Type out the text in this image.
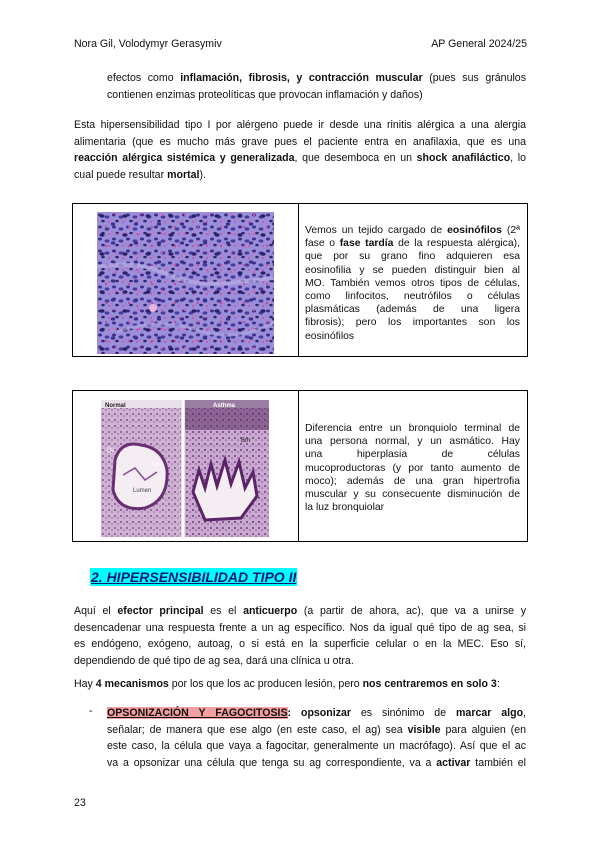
Nora Gil, Volodymyr Gerasymiv	AP General 2024/25
efectos como inflamación, fibrosis, y contracción muscular (pues sus gránulos
contienen enzimas proteolíticas que provocan inflamación y daños)
Esta hipersensibilidad tipo I por alérgeno puede ir desde una rinitis alérgica a una alergia
alimentaria (que es mucho más grave pues el paciente entra en anafilaxia, que es una
reacción alérgica sistémica y generalizada, que desemboca en un shock anafiláctico, lo
cual puede resultar mortal).
Vemos un tejido cargado de eosinófilos (2ª
fase o fase tardía de la respuesta alérgica),
que por su grano fino adquieren esa
eosinofilia y se pueden distinguir bien al
MO. También vemos otros tipos de células,
como linfocitos, neutrófilos o células
plasmáticas (además de una ligera
fibrosis); pero los importantes son los
eosinófilos
Normal	Asthma
Bv
Ep
Lumen
Bm
Diferencia entre un bronquiolo terminal de
una persona normal, y un asmático. Hay
una hiperplasia de células
mucoproductoras (y por tanto aumento de
moco); además de una gran hipertrofia
muscular y su consecuente disminución de
la luz bronquiolar
2. HIPERSENSIBILIDAD TIPO II
Aquí el efector principal es el anticuerpo (a partir de ahora, ac), que va a unirse y
desencadenar una respuesta frente a un ag específico. Nos da igual qué tipo de ag sea, si
es endógeno, exógeno, autoag, o si está en la superficie celular o en la MEC. Eso sí,
dependiendo de qué tipo de ag sea, dará una clínica u otra.
Hay 4 mecanismos por los que los ac producen lesión, pero nos centraremos en solo 3:
- OPSONIZACIÓN Y FAGOCITOSIS: opsonizar es sinónimo de marcar algo,
señalar; de manera que ese algo (en este caso, el ag) sea visible para alguien (en
este caso, la célula que vaya a fagocitar, generalmente un macrófago). Así que el ac
va a opsonizar una célula que tenga su ag correspondiente, va a activar también el
23
